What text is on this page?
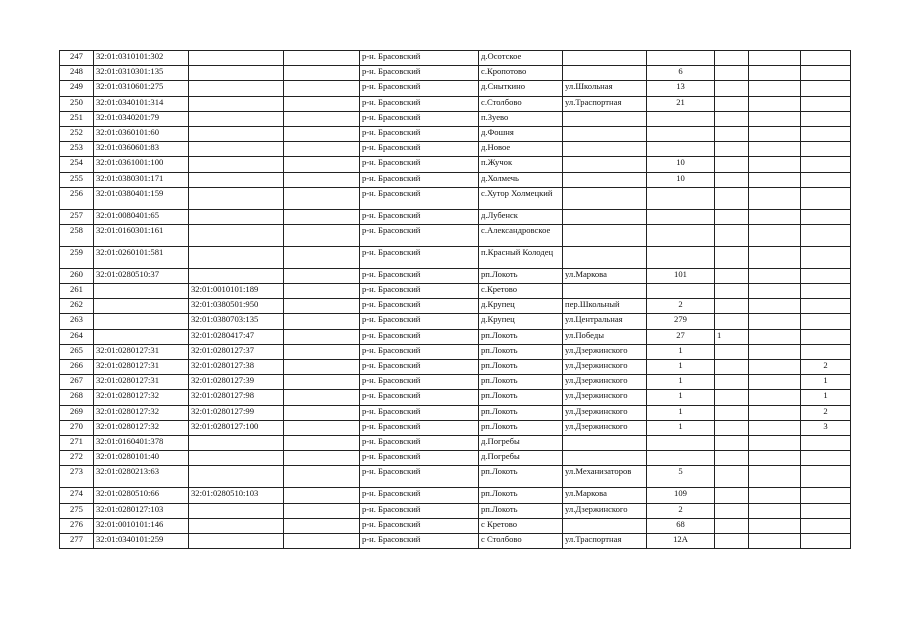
247	32:01:0310101:302			р-н. Брасовский	д.Осотское					
248	32:01:0310301:135			р-н. Брасовский	с.Кропотово		6			
249	32:01:0310601:275			р-н. Брасовский	д.Сныткино	ул.Школьная	13			
250	32:01:0340101:314			р-н. Брасовский	с.Столбово	ул.Траспортная	21			
251	32:01:0340201:79			р-н. Брасовский	п.Зуево					
252	32:01:0360101:60			р-н. Брасовский	д.Фошня					
253	32:01:0360601:83			р-н. Брасовский	д.Новое					
254	32:01:0361001:100			р-н. Брасовский	п.Жучок		10			
255	32:01:0380301:171			р-н. Брасовский	д.Холмечь		10			
256	32:01:0380401:159			р-н. Брасовский	с.Хутор Холмецкий					
257	32:01:0080401:65			р-н. Брасовский	д.Лубенск					
258	32:01:0160301:161			р-н. Брасовский	с.Александровское					
259	32:01:0260101:581			р-н. Брасовский	п.Красный Колодец					
260	32:01:0280510:37			р-н. Брасовский	рп.Локоть	ул.Маркова	101			
261		32:01:0010101:189		р-н. Брасовский	с.Кретово					
262		32:01:0380501:950		р-н. Брасовский	д.Крупец	пер.Школьный	2			
263		32:01:0380703:135		р-н. Брасовский	д.Крупец	ул.Центральная	279			
264		32:01:0280417:47		р-н. Брасовский	рп.Локоть	ул.Победы	27	1		
265	32:01:0280127:31	32:01:0280127:37		р-н. Брасовский	рп.Локоть	ул.Дзержинского	1			
266	32:01:0280127:31	32:01:0280127:38		р-н. Брасовский	рп.Локоть	ул.Дзержинского	1			2
267	32:01:0280127:31	32:01:0280127:39		р-н. Брасовский	рп.Локоть	ул.Дзержинского	1			1
268	32:01:0280127:32	32:01:0280127:98		р-н. Брасовский	рп.Локоть	ул.Дзержинского	1			1
269	32:01:0280127:32	32:01:0280127:99		р-н. Брасовский	рп.Локоть	ул.Дзержинского	1			2
270	32:01:0280127:32	32:01:0280127:100		р-н. Брасовский	рп.Локоть	ул.Дзержинского	1			3
271	32:01:0160401:378			р-н. Брасовский	д.Погребы					
272	32:01:0280101:40			р-н. Брасовский	д.Погребы					
273	32:01:0280213:63			р-н. Брасовский	рп.Локоть	ул.Механизаторов	5			
274	32:01:0280510:66	32:01:0280510:103		р-н. Брасовский	рп.Локоть	ул.Маркова	109			
275	32:01:0280127:103			р-н. Брасовский	рп.Локоть	ул.Дзержинского	2			
276	32:01:0010101:146			р-н. Брасовский	с Кретово		68			
277	32:01:0340101:259			р-н. Брасовский	с Столбово	ул.Траспортная	12А			
